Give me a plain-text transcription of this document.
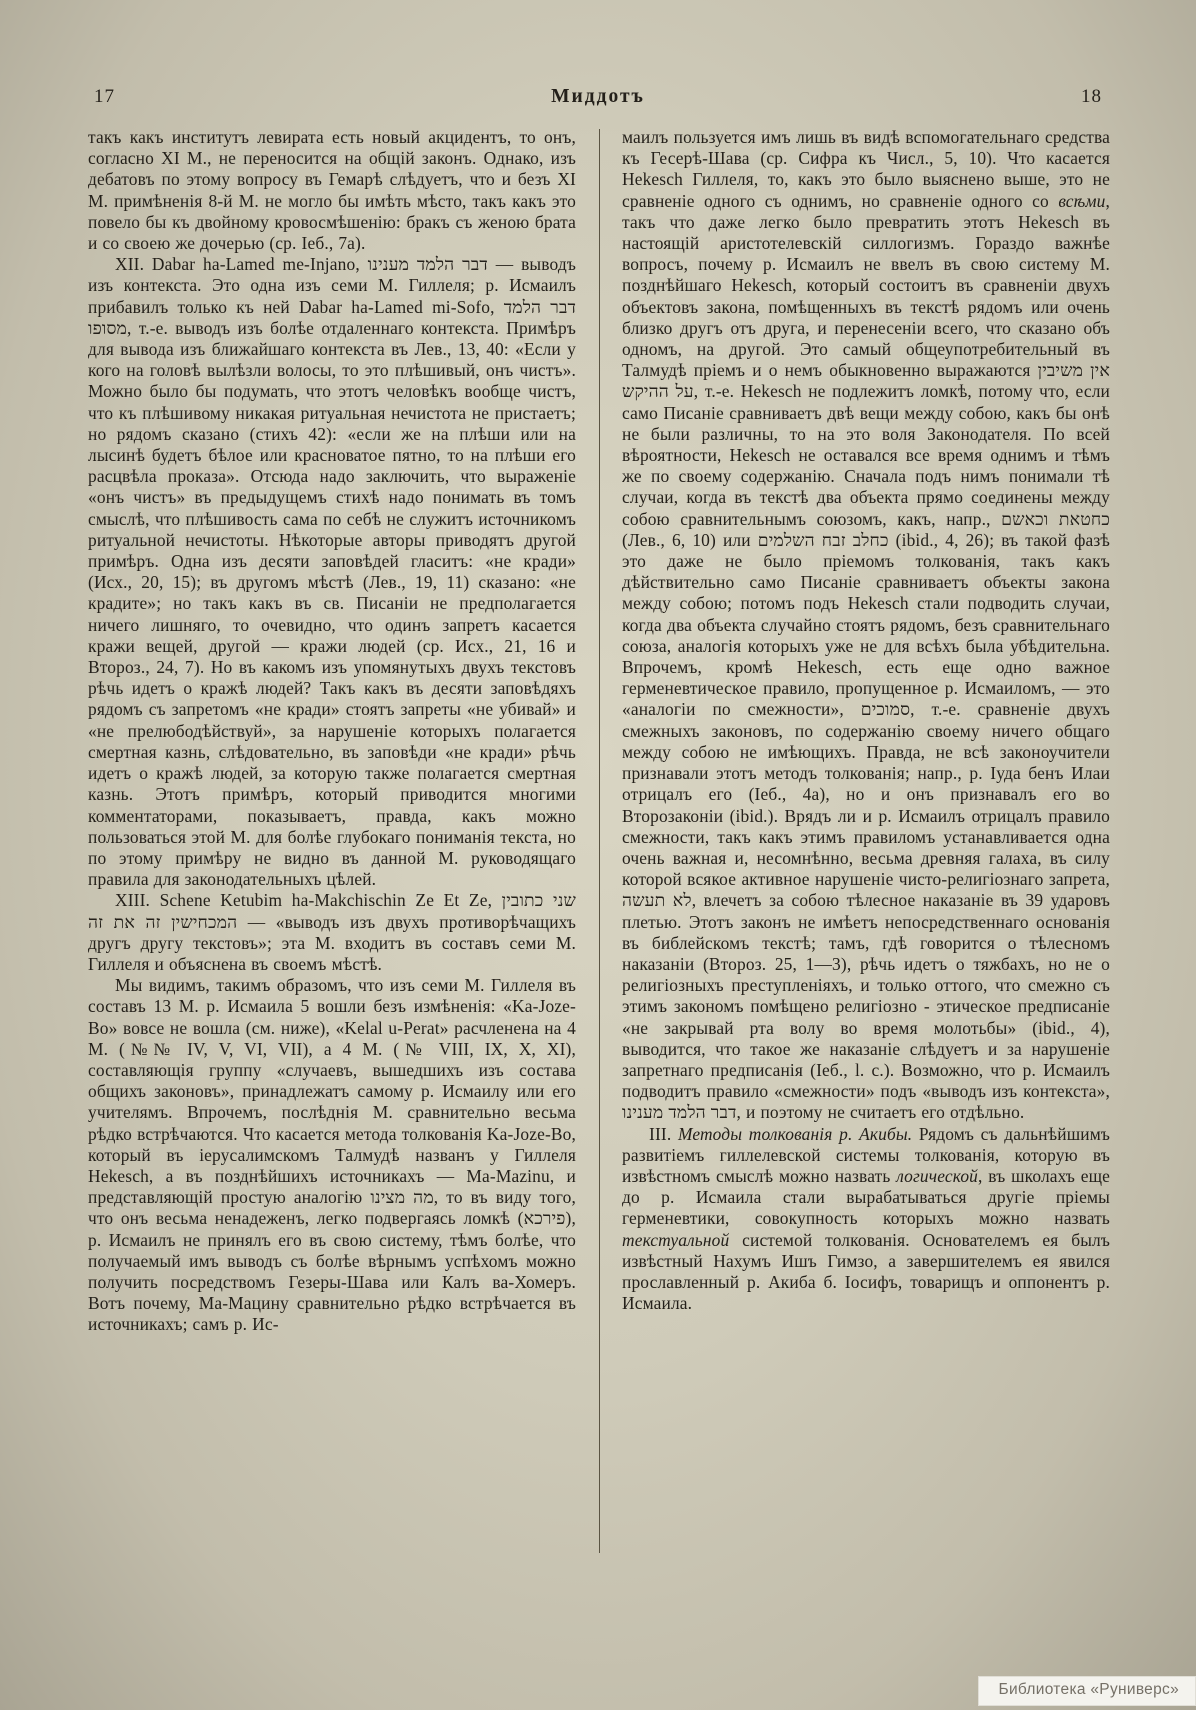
17	Миддотъ	18

такъ какъ институтъ левирата есть новый акцидентъ, то онъ, согласно XI М., не переносится на общій законъ. Однако, изъ дебатовъ по этому вопросу въ Гемарѣ слѣдуетъ, что и безъ XI М. примѣненія 8-й М. не могло бы имѣть мѣсто, такъ какъ это повело бы къ двойному кровосмѣшенію: бракъ съ женою брата и со своею же дочерью (ср. Іеб., 7а).

XII. Dabar ha-Lamed me-Injano, דבר הלמד מענינו — выводъ изъ контекста. Это одна изъ семи М. Гиллеля; р. Исмаилъ прибавилъ только къ ней Dabar ha-Lamed mi-Sofo, דבר הלמד מסופו, т.-е. выводъ изъ болѣе отдаленнаго контекста. Примѣръ для вывода изъ ближайшаго контекста въ Лев., 13, 40: «Если у кого на головѣ вылѣзли волосы, то это плѣшивый, онъ чистъ». Можно было бы подумать, что этотъ человѣкъ вообще чистъ, что къ плѣшивому никакая ритуальная нечистота не пристаетъ; но рядомъ сказано (стихъ 42): «если же на плѣши или на лысинѣ будетъ бѣлое или красноватое пятно, то на плѣши его расцвѣла проказа». Отсюда надо заключить, что выраженіе «онъ чистъ» въ предыдущемъ стихѣ надо понимать въ томъ смыслѣ, что плѣшивость сама по себѣ не служитъ источникомъ ритуальной нечистоты. Нѣкоторые авторы приводятъ другой примѣръ. Одна изъ десяти заповѣдей гласитъ: «не кради» (Исх., 20, 15); въ другомъ мѣстѣ (Лев., 19, 11) сказано: «не крадите»; но такъ какъ въ св. Писаніи не предполагается ничего лишняго, то очевидно, что одинъ запретъ касается кражи вещей, другой — кражи людей (ср. Исх., 21, 16 и Второз., 24, 7). Но въ какомъ изъ упомянутыхъ двухъ текстовъ рѣчь идетъ о кражѣ людей? Такъ какъ въ десяти заповѣдяхъ рядомъ съ запретомъ «не кради» стоятъ запреты «не убивай» и «не прелюбодѣйствуй», за нарушеніе которыхъ полагается смертная казнь, слѣдовательно, въ заповѣди «не кради» рѣчь идетъ о кражѣ людей, за которую также полагается смертная казнь. Этотъ примѣръ, который приводится многими комментаторами, показываетъ, правда, какъ можно пользоваться этой М. для болѣе глубокаго пониманія текста, но по этому примѣру не видно въ данной М. руководящаго правила для законодательныхъ цѣлей.

XIII. Schene Ketubim ha-Makchischin Ze Et Ze, שני כתובין המכחישין זה את זה — «выводъ изъ двухъ противорѣчащихъ другъ другу текстовъ»; эта М. входитъ въ составъ семи М. Гиллеля и объяснена въ своемъ мѣстѣ.

Мы видимъ, такимъ образомъ, что изъ семи М. Гиллеля въ составъ 13 М. р. Исмаила 5 вошли безъ измѣненія: «Ka-Joze-Bo» вовсе не вошла (см. ниже), «Kelal u-Perat» расчленена на 4 М. (№№ IV, V, VI, VII), а 4 М. (№ VIII, IX, X, XI), составляющія группу «случаевъ, вышедшихъ изъ состава общихъ законовъ», принадлежатъ самому р. Исмаилу или его учителямъ. Впрочемъ, послѣднія М. сравнительно весьма рѣдко встрѣчаются. Что касается метода толкованія Ka-Joze-Bo, который въ іерусалимскомъ Талмудѣ названъ у Гиллеля Hekesch, а въ позднѣйшихъ источникахъ — Ma-Mazinu, и представляющій простую аналогію מה מצינו, то въ виду того, что онъ весьма ненадеженъ, легко подвергаясь ломкѣ (פירכא), р. Исмаилъ не принялъ его въ свою систему, тѣмъ болѣе, что получаемый имъ выводъ съ болѣе вѣрнымъ успѣхомъ можно получить посредствомъ Гезеры-Шава или Калъ ва-Хомеръ. Вотъ почему, Ма-Мацину сравнительно рѣдко встрѣчается въ источникахъ; самъ р. Ис-

маилъ пользуется имъ лишь въ видѣ вспомогательнаго средства къ Гесерѣ-Шава (ср. Сифра къ Числ., 5, 10). Что касается Hekesch Гиллеля, то, какъ это было выяснено выше, это не сравненіе одного съ однимъ, но сравненіе одного со всѣми, такъ что даже легко было превратить этотъ Hekesch въ настоящій аристотелевскій силлогизмъ. Гораздо важнѣе вопросъ, почему р. Исмаилъ не ввелъ въ свою систему М. позднѣйшаго Hekesch, который состоитъ въ сравненіи двухъ объектовъ закона, помѣщенныхъ въ текстѣ рядомъ или очень близко другъ отъ друга, и перенесеніи всего, что сказано объ одномъ, на другой. Это самый общеупотребительный въ Талмудѣ пріемъ и о немъ обыкновенно выражаются אין משיבין על ההיקש, т.-е. Hekesch не подлежитъ ломкѣ, потому что, если само Писаніе сравниваетъ двѣ вещи между собою, какъ бы онѣ не были различны, то на это воля Законодателя. По всей вѣроятности, Hekesch не оставался все время однимъ и тѣмъ же по своему содержанію. Сначала подъ нимъ понимали тѣ случаи, когда въ текстѣ два объекта прямо соединены между собою сравнительнымъ союзомъ, какъ, напр., כחטאת וכאשם (Лев., 6, 10) или כחלב זבח השלמים (ibid., 4, 26); въ такой фазѣ это даже не было пріемомъ толкованія, такъ какъ дѣйствительно само Писаніе сравниваетъ объекты закона между собою; потомъ подъ Hekesch стали подводить случаи, когда два объекта случайно стоятъ рядомъ, безъ сравнительнаго союза, аналогія которыхъ уже не для всѣхъ была убѣдительна. Впрочемъ, кромѣ Hekesch, есть еще одно важное герменевтическое правило, пропущенное р. Исмаиломъ, — это «аналогіи по смежности», סמוכים, т.-е. сравненіе двухъ смежныхъ законовъ, по содержанію своему ничего общаго между собою не имѣющихъ. Правда, не всѣ законоучители признавали этотъ методъ толкованія; напр., р. Іуда бенъ Илаи отрицалъ его (Іеб., 4а), но и онъ признавалъ его во Второзаконіи (ibid.). Врядъ ли и р. Исмаилъ отрицалъ правило смежности, такъ какъ этимъ правиломъ устанавливается одна очень важная и, несомнѣнно, весьма древняя галаха, въ силу которой всякое активное нарушеніе чисто-религіознаго запрета, לא תעשה, влечетъ за собою тѣлесное наказаніе въ 39 ударовъ плетью. Этотъ законъ не имѣетъ непосредственнаго основанія въ библейскомъ текстѣ; тамъ, гдѣ говорится о тѣлесномъ наказаніи (Второз. 25, 1—3), рѣчь идетъ о тяжбахъ, но не о религіозныхъ преступленіяхъ, и только оттого, что смежно съ этимъ закономъ помѣщено религіозно - этическое предписаніе «не закрывай рта волу во время молотьбы» (ibid., 4), выводится, что такое же наказаніе слѣдуетъ и за нарушеніе запретнаго предписанія (Іеб., l. c.). Возможно, что р. Исмаилъ подводитъ правило «смежности» подъ «выводъ изъ контекста», דבר הלמד מענינו, и поэтому не считаетъ его отдѣльно.

III. Методы толкованія р. Акибы. Рядомъ съ дальнѣйшимъ развитіемъ гиллелевской системы толкованія, которую въ извѣстномъ смыслѣ можно назвать логической, въ школахъ еще до р. Исмаила стали вырабатываться другіе пріемы герменевтики, совокупность которыхъ можно назвать текстуальной системой толкованія. Основателемъ ея былъ извѣстный Нахумъ Ишъ Гимзо, а завершителемъ ея явился прославленный р. Акиба б. Іосифъ, товарищъ и оппонентъ р. Исмаила.

Библиотека «Руниверс»
